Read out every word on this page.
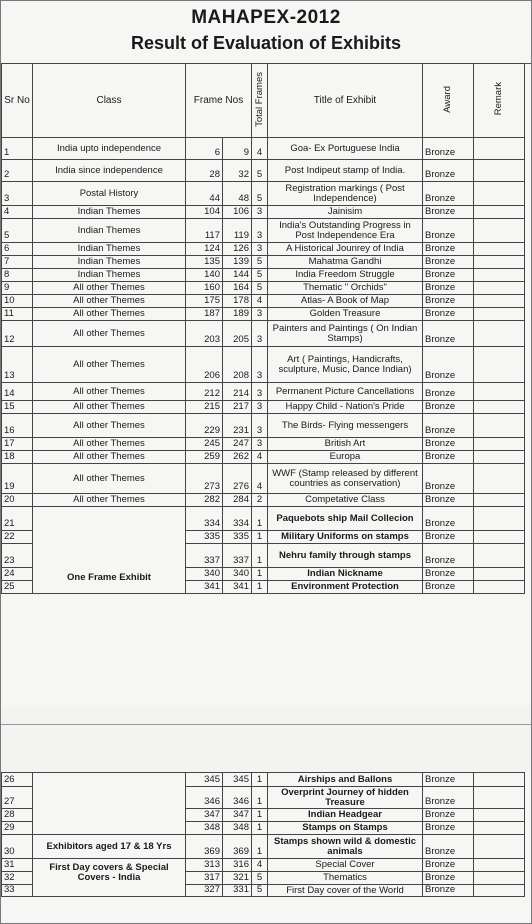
MAHAPEX-2012
Result of Evaluation of Exhibits
Sr No	Class	Frame Nos		Total Frames	Title of Exhibit	Award	Remark
1	India upto independence	6	9	4	Goa- Ex Portuguese India	Bronze	
2	India since independence	28	32	5	Post Indipeut stamp of India.	Bronze	
3	Postal History	44	48	5	Registration markings ( Post Independence)	Bronze	
4	Indian Themes	104	106	3	Jainisim	Bronze	
5	Indian Themes	117	119	3	India's Outstanding Progress in Post Independence Era	Bronze	
6	Indian Themes	124	126	3	A Historical Jounrey of India	Bronze	
7	Indian Themes	135	139	5	Mahatma Gandhi	Bronze	
8	Indian Themes	140	144	5	India Freedom Struggle	Bronze	
9	All other Themes	160	164	5	Thematic " Orchids"	Bronze	
10	All other Themes	175	178	4	Atlas- A Book of Map	Bronze	
11	All other Themes	187	189	3	Golden Treasure	Bronze	
12	All other Themes	203	205	3	Painters and Paintings ( On Indian Stamps)	Bronze	
13	All other Themes	206	208	3	Art ( Paintings, Handicrafts, sculpture, Music, Dance Indian)	Bronze	
14	All other Themes	212	214	3	Permanent Picture Cancellations	Bronze	
15	All other Themes	215	217	3	Happy Child - Nation's Pride	Bronze	
16	All other Themes	229	231	3	The Birds- Flying messengers	Bronze	
17	All other Themes	245	247	3	British Art	Bronze	
18	All other Themes	259	262	4	Europa	Bronze	
19	All other Themes	273	276	4	WWF (Stamp released by different countries as conservation)	Bronze	
20	All other Themes	282	284	2	Competative Class	Bronze	
21	One Frame Exhibit	334	334	1	Paquebots ship Mail Collecion	Bronze	
22		335	335	1	Military Uniforms on stamps	Bronze	
23		337	337	1	Nehru family through stamps	Bronze	
24		340	340	1	Indian Nickname	Bronze	
25		341	341	1	Environment Protection	Bronze	
26		345	345	1	Airships and Ballons	Bronze	
27		346	346	1	Overprint Journey of hidden Treasure	Bronze	
28		347	347	1	Indian Headgear	Bronze	
29		348	348	1	Stamps on Stamps	Bronze	
30	Exhibitors aged 17 & 18 Yrs	369	369	1	Stamps shown wild & domestic animals	Bronze	
31	First Day covers & Special Covers - India	313	316	4	Special Cover	Bronze	
32		317	321	5	Thematics	Bronze	
33		327	331	5	First Day cover of the World	Bronze	
